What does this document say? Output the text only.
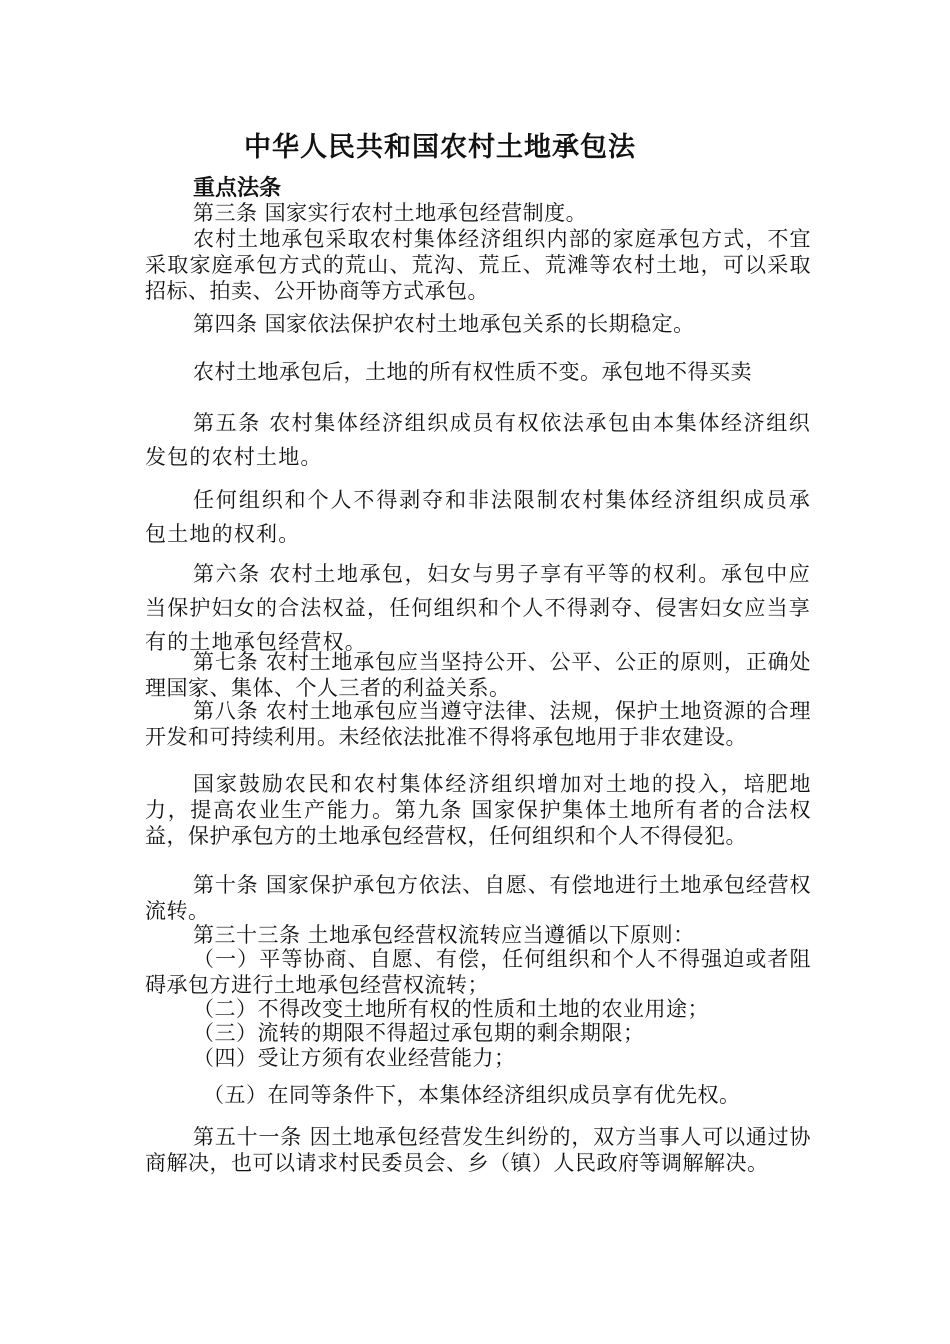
中华人民共和国农村土地承包法
重点法条
第三条 国家实行农村土地承包经营制度。
农村土地承包采取农村集体经济组织内部的家庭承包方式，不宜采取家庭承包方式的荒山、荒沟、荒丘、荒滩等农村土地，可以采取招标、拍卖、公开协商等方式承包。
第四条 国家依法保护农村土地承包关系的长期稳定。
农村土地承包后，土地的所有权性质不变。承包地不得买卖
第五条 农村集体经济组织成员有权依法承包由本集体经济组织发包的农村土地。
任何组织和个人不得剥夺和非法限制农村集体经济组织成员承包土地的权利。
第六条 农村土地承包，妇女与男子享有平等的权利。承包中应当保护妇女的合法权益，任何组织和个人不得剥夺、侵害妇女应当享有的土地承包经营权。
第七条 农村土地承包应当坚持公开、公平、公正的原则，正确处理国家、集体、个人三者的利益关系。
第八条 农村土地承包应当遵守法律、法规，保护土地资源的合理开发和可持续利用。未经依法批准不得将承包地用于非农建设。
国家鼓励农民和农村集体经济组织增加对土地的投入，培肥地力，提高农业生产能力。第九条 国家保护集体土地所有者的合法权益，保护承包方的土地承包经营权，任何组织和个人不得侵犯。
第十条 国家保护承包方依法、自愿、有偿地进行土地承包经营权流转。
第三十三条 土地承包经营权流转应当遵循以下原则：
（一）平等协商、自愿、有偿，任何组织和个人不得强迫或者阻碍承包方进行土地承包经营权流转；
（二）不得改变土地所有权的性质和土地的农业用途；
（三）流转的期限不得超过承包期的剩余期限；
（四）受让方须有农业经营能力；
（五）在同等条件下，本集体经济组织成员享有优先权。
第五十一条 因土地承包经营发生纠纷的，双方当事人可以通过协商解决，也可以请求村民委员会、乡（镇）人民政府等调解解决。
